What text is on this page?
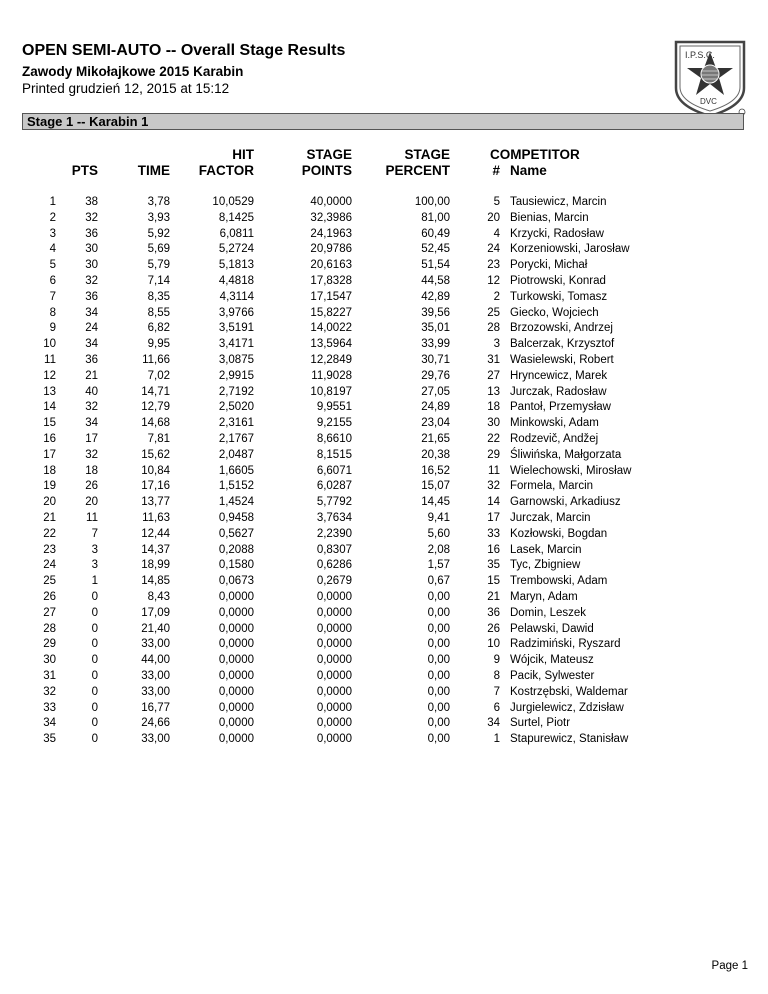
OPEN SEMI-AUTO -- Overall Stage Results
Zawody Mikołajkowe 2015 Karabin
Printed grudzień 12, 2015 at 15:12
I.P.S.C.
DVC
Stage 1 -- Karabin 1
PTS	TIME
HIT
FACTOR
STAGE
POINTS
STAGE
PERCENT
COMPETITOR
# Name
1	38	3,78	10,0529	40,0000	100,00	5 Tausiewicz, Marcin
2	32	3,93	8,1425	32,3986	81,00	20 Bienias, Marcin
3	36	5,92	6,0811	24,1963	60,49	4 Krzycki, Radosław
4	30	5,69	5,2724	20,9786	52,45	24 Korzeniowski, Jarosław
5	30	5,79	5,1813	20,6163	51,54	23 Porycki, Michał
6	32	7,14	4,4818	17,8328	44,58	12 Piotrowski, Konrad
7	36	8,35	4,3114	17,1547	42,89	2 Turkowski, Tomasz
8	34	8,55	3,9766	15,8227	39,56	25 Giecko, Wojciech
9	24	6,82	3,5191	14,0022	35,01	28 Brzozowski, Andrzej
10	34	9,95	3,4171	13,5964	33,99	3 Balcerzak, Krzysztof
11	36	11,66	3,0875	12,2849	30,71	31 Wasielewski, Robert
12	21	7,02	2,9915	11,9028	29,76	27 Hryncewicz, Marek
13	40	14,71	2,7192	10,8197	27,05	13 Jurczak, Radosław
14	32	12,79	2,5020	9,9551	24,89	18 Pantoł, Przemysław
15	34	14,68	2,3161	9,2155	23,04	30 Minkowski, Adam
16	17	7,81	2,1767	8,6610	21,65	22 Rodzevič, Andžej
17	32	15,62	2,0487	8,1515	20,38	29 Śliwińska, Małgorzata
18	18	10,84	1,6605	6,6071	16,52	11 Wielechowski, Mirosław
19	26	17,16	1,5152	6,0287	15,07	32 Formela, Marcin
20	20	13,77	1,4524	5,7792	14,45	14 Garnowski, Arkadiusz
21	11	11,63	0,9458	3,7634	9,41	17 Jurczak, Marcin
22	7	12,44	0,5627	2,2390	5,60	33 Kozłowski, Bogdan
23	3	14,37	0,2088	0,8307	2,08	16 Lasek, Marcin
24	3	18,99	0,1580	0,6286	1,57	35 Tyc, Zbigniew
25	1	14,85	0,0673	0,2679	0,67	15 Trembowski, Adam
26	0	8,43	0,0000	0,0000	0,00	21 Maryn, Adam
27	0	17,09	0,0000	0,0000	0,00	36 Domin, Leszek
28	0	21,40	0,0000	0,0000	0,00	26 Pelawski, Dawid
29	0	33,00	0,0000	0,0000	0,00	10 Radzimiński, Ryszard
30	0	44,00	0,0000	0,0000	0,00	9 Wójcik, Mateusz
31	0	33,00	0,0000	0,0000	0,00	8 Pacik, Sylwester
32	0	33,00	0,0000	0,0000	0,00	7 Kostrzębski, Waldemar
33	0	16,77	0,0000	0,0000	0,00	6 Jurgielewicz, Zdzisław
34	0	24,66	0,0000	0,0000	0,00	34 Surtel, Piotr
35	0	33,00	0,0000	0,0000	0,00	1 Stapurewicz, Stanisław
Page 1
